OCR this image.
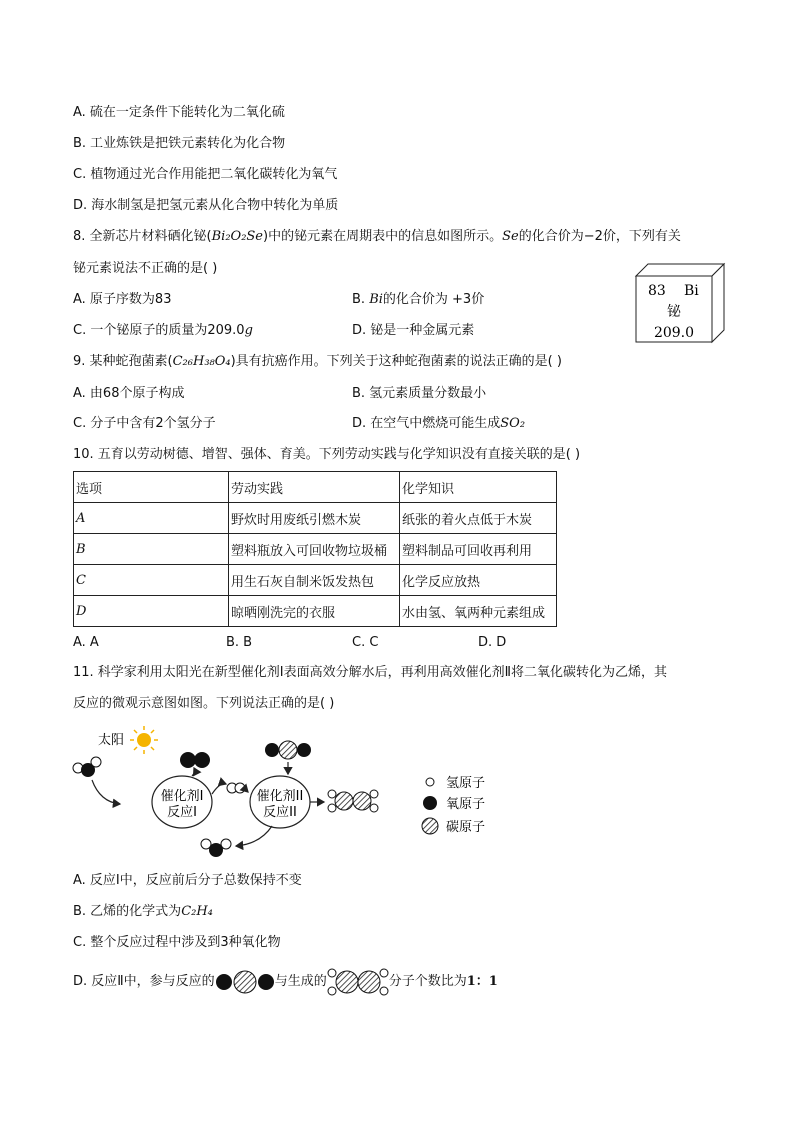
A. 硫在一定条件下能转化为二氧化硫
B. 工业炼铁是把铁元素转化为化合物
C. 植物通过光合作用能把二氧化碳转化为氧气
D. 海水制氢是把氢元素从化合物中转化为单质
8. 全新芯片材料硒化铋(Bi₂O₂Se)中的铋元素在周期表中的信息如图所示。Se的化合价为−2价，下列有关
铋元素说法不正确的是( )
A. 原子序数为83	B. Bi的化合价为 +3价
C. 一个铋原子的质量为209.0g	D. 铋是一种金属元素
83 Bi
铋
209.0
9. 某种蛇孢菌素(C₂₆H₃₈O₄)具有抗癌作用。下列关于这种蛇孢菌素的说法正确的是( )
A. 由68个原子构成	B. 氢元素质量分数最小
C. 分子中含有2个氢分子	D. 在空气中燃烧可能生成SO₂
10. 五育以劳动树德、增智、强体、育美。下列劳动实践与化学知识没有直接关联的是( )
选项	劳动实践	化学知识
A	野炊时用废纸引燃木炭	纸张的着火点低于木炭
B	塑料瓶放入可回收物垃圾桶	塑料制品可回收再利用
C	用生石灰自制米饭发热包	化学反应放热
D	晾晒刚洗完的衣服	水由氢、氧两种元素组成
A. A	B. B	C. C	D. D
11. 科学家利用太阳光在新型催化剂Ⅰ表面高效分解水后，再利用高效催化剂Ⅱ将二氧化碳转化为乙烯，其
反应的微观示意图如图。下列说法正确的是( )
太阳
催化剂I
反应I
催化剂II
反应II
氢原子
氧原子
碳原子
A. 反应Ⅰ中，反应前后分子总数保持不变
B. 乙烯的化学式为C₂H₄
C. 整个反应过程中涉及到3种氧化物
D. 反应Ⅱ中，参与反应的	与生成的	分子个数比为 1：1
